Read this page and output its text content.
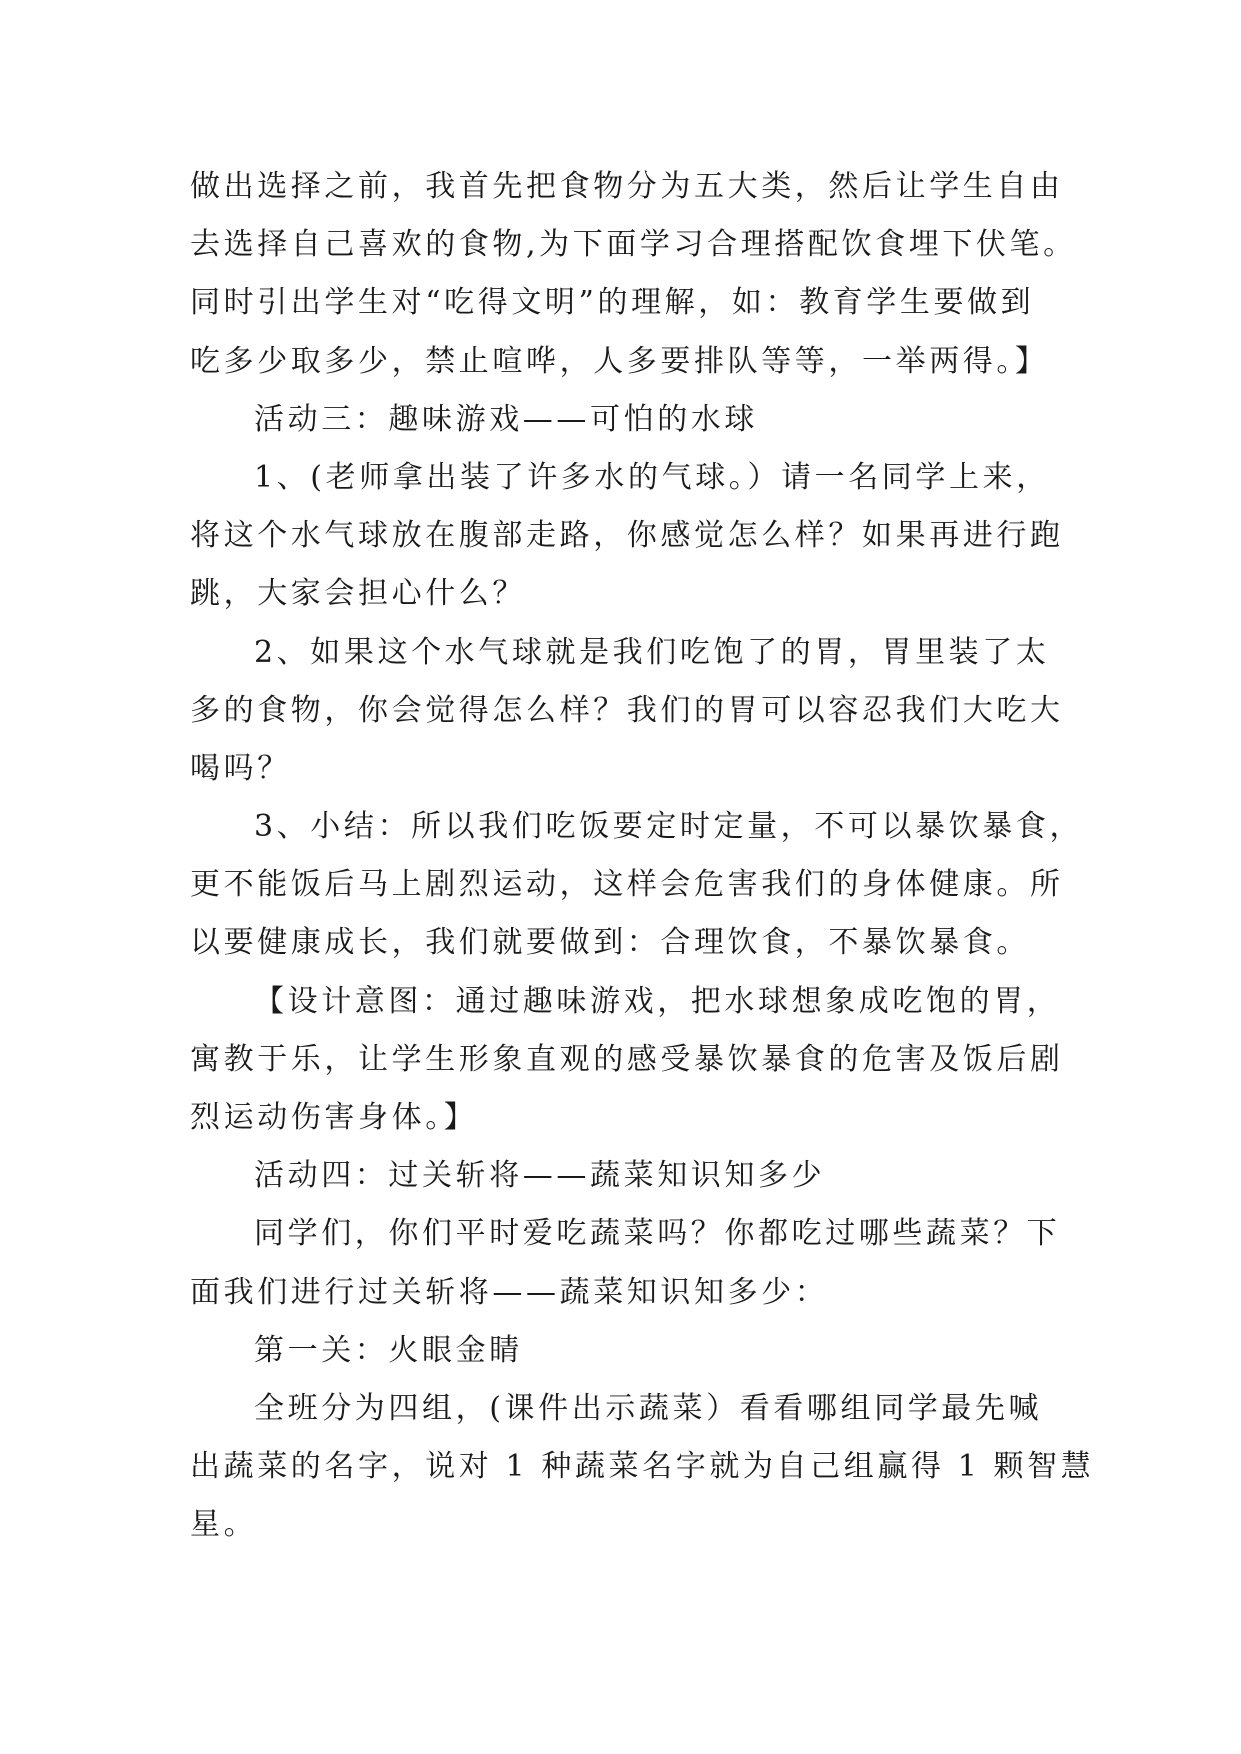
做出选择之前，我首先把食物分为五大类，然后让学生自由
去选择自己喜欢的食物,为下面学习合理搭配饮食埋下伏笔。
同时引出学生对“吃得文明”的理解，如：教育学生要做到
吃多少取多少，禁止喧哗，人多要排队等等，一举两得。】
活动三：趣味游戏——可怕的水球
1、(老师拿出装了许多水的气球。）请一名同学上来，
将这个水气球放在腹部走路，你感觉怎么样？如果再进行跑
跳，大家会担心什么？
2、如果这个水气球就是我们吃饱了的胃，胃里装了太
多的食物，你会觉得怎么样？我们的胃可以容忍我们大吃大
喝吗？
3、小结：所以我们吃饭要定时定量，不可以暴饮暴食，
更不能饭后马上剧烈运动，这样会危害我们的身体健康。所
以要健康成长，我们就要做到：合理饮食，不暴饮暴食。
【设计意图：通过趣味游戏，把水球想象成吃饱的胃，
寓教于乐，让学生形象直观的感受暴饮暴食的危害及饭后剧
烈运动伤害身体。】
活动四：过关斩将——蔬菜知识知多少
同学们，你们平时爱吃蔬菜吗？你都吃过哪些蔬菜？下
面我们进行过关斩将——蔬菜知识知多少：
第一关：火眼金睛
全班分为四组，(课件出示蔬菜）看看哪组同学最先喊
出蔬菜的名字，说对 1 种蔬菜名字就为自己组赢得 1 颗智慧
星。
